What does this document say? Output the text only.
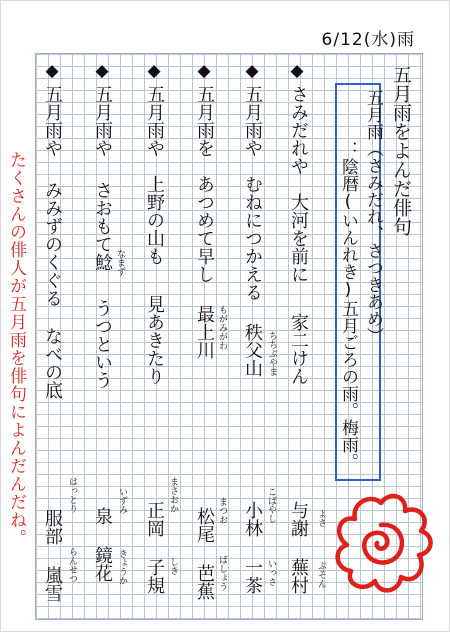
6/12(水)雨
たくさんの俳人が五月雨を俳句によんだんだね。
五月雨をよんだ俳句
五月雨（さみだれ、さつきあめ）
：陰暦(いんれき)五月ごろの雨。梅雨。
◆
さみだれや
大河を前に
家二けん
よさ
与謝 蕪村 ぶそん
◆
五月雨や
むねにつかえる
ちちぶやま
秩父山
こばやし
小林 一茶 いっさ
◆
五月雨を
あつめて早し
もがみがわ
最上川
まつお
松尾 芭蕉 ばしょう
◆
五月雨や
上野の山も
見あきたり
まさおか
正岡 子規 しき
◆
五月雨や
さおもて鯰 なまず
うつという
いずみ
泉 鏡花 きょうか
◆
五月雨や
みみずのくぐる
なべの底
はっとり
服部 嵐雪 らんせつ
